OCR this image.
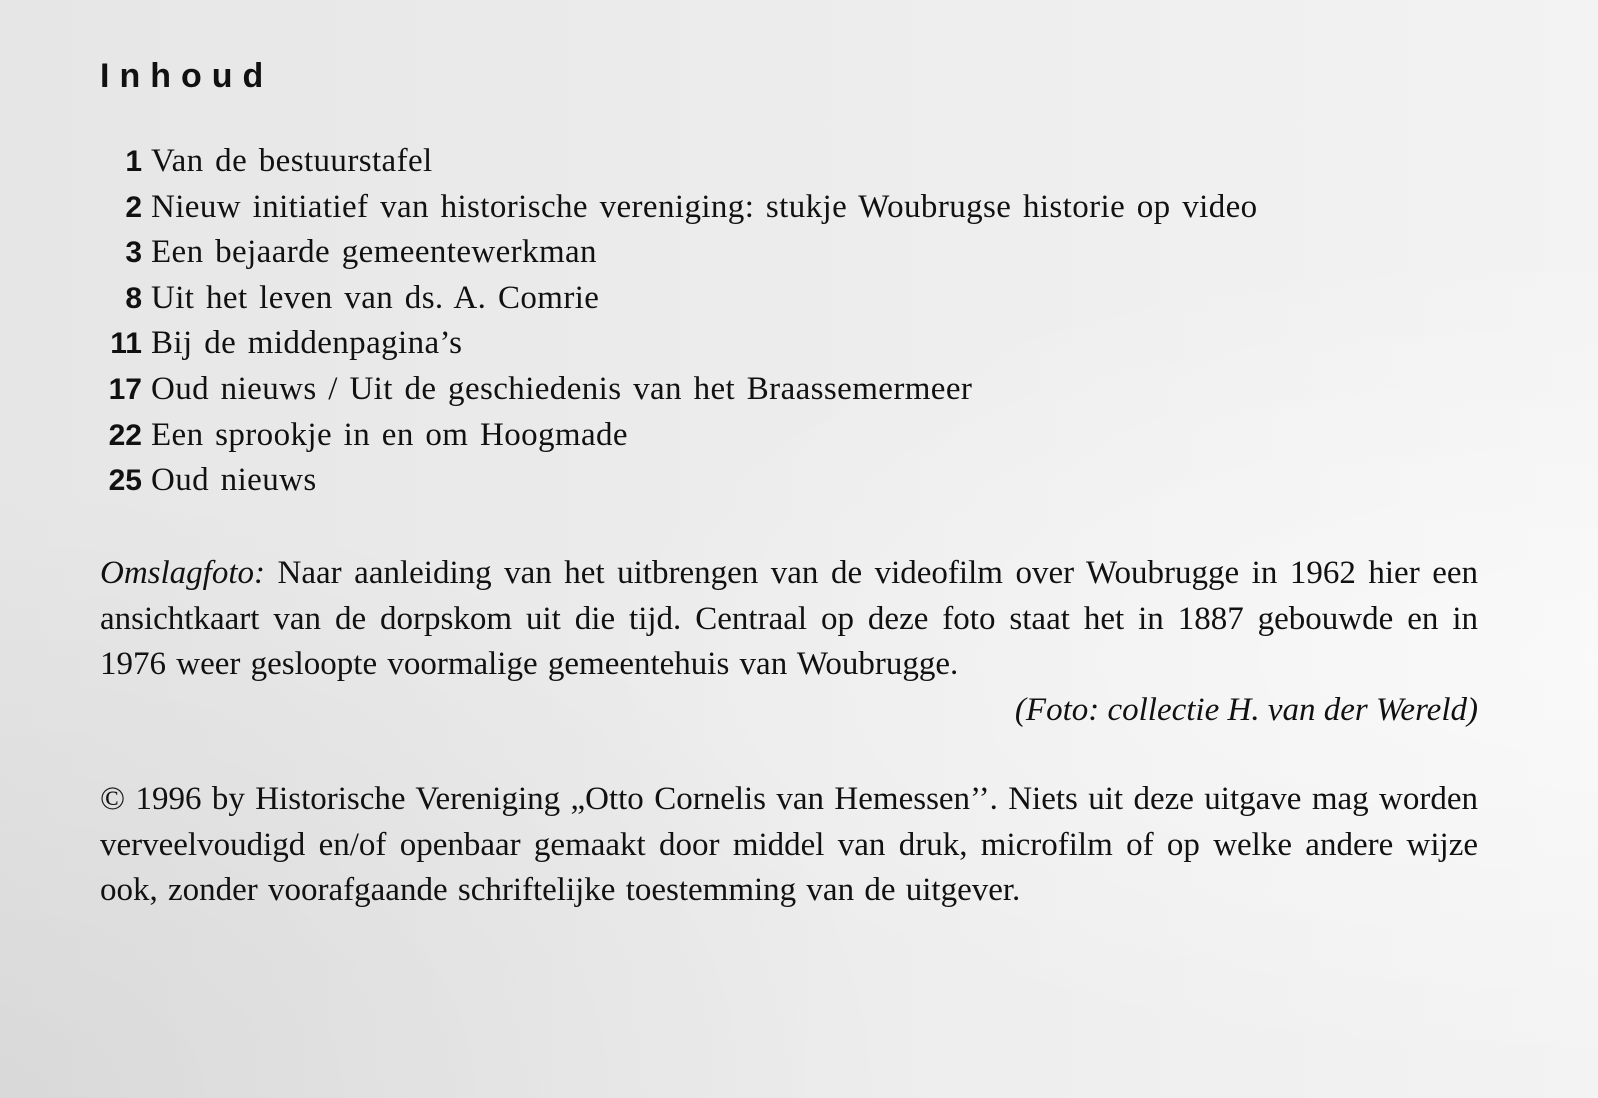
Inhoud
1 Van de bestuurstafel
2 Nieuw initiatief van historische vereniging: stukje Woubrugse historie op video
3 Een bejaarde gemeentewerkman
8 Uit het leven van ds. A. Comrie
11 Bij de middenpagina’s
17 Oud nieuws / Uit de geschiedenis van het Braassemermeer
22 Een sprookje in en om Hoogmade
25 Oud nieuws

Omslagfoto: Naar aanleiding van het uitbrengen van de videofilm over Woubrugge in 1962 hier een ansichtkaart van de dorpskom uit die tijd. Centraal op deze foto staat het in 1887 gebouwde en in 1976 weer gesloopte voormalige gemeentehuis van Woubrugge.

(Foto: collectie H. van der Wereld)

© 1996 by Historische Vereniging „Otto Cornelis van Hemessen’’. Niets uit deze uitgave mag worden verveelvoudigd en/of openbaar gemaakt door middel van druk, microfilm of op welke andere wijze ook, zonder voorafgaande schriftelijke toestemming van de uitgever.
